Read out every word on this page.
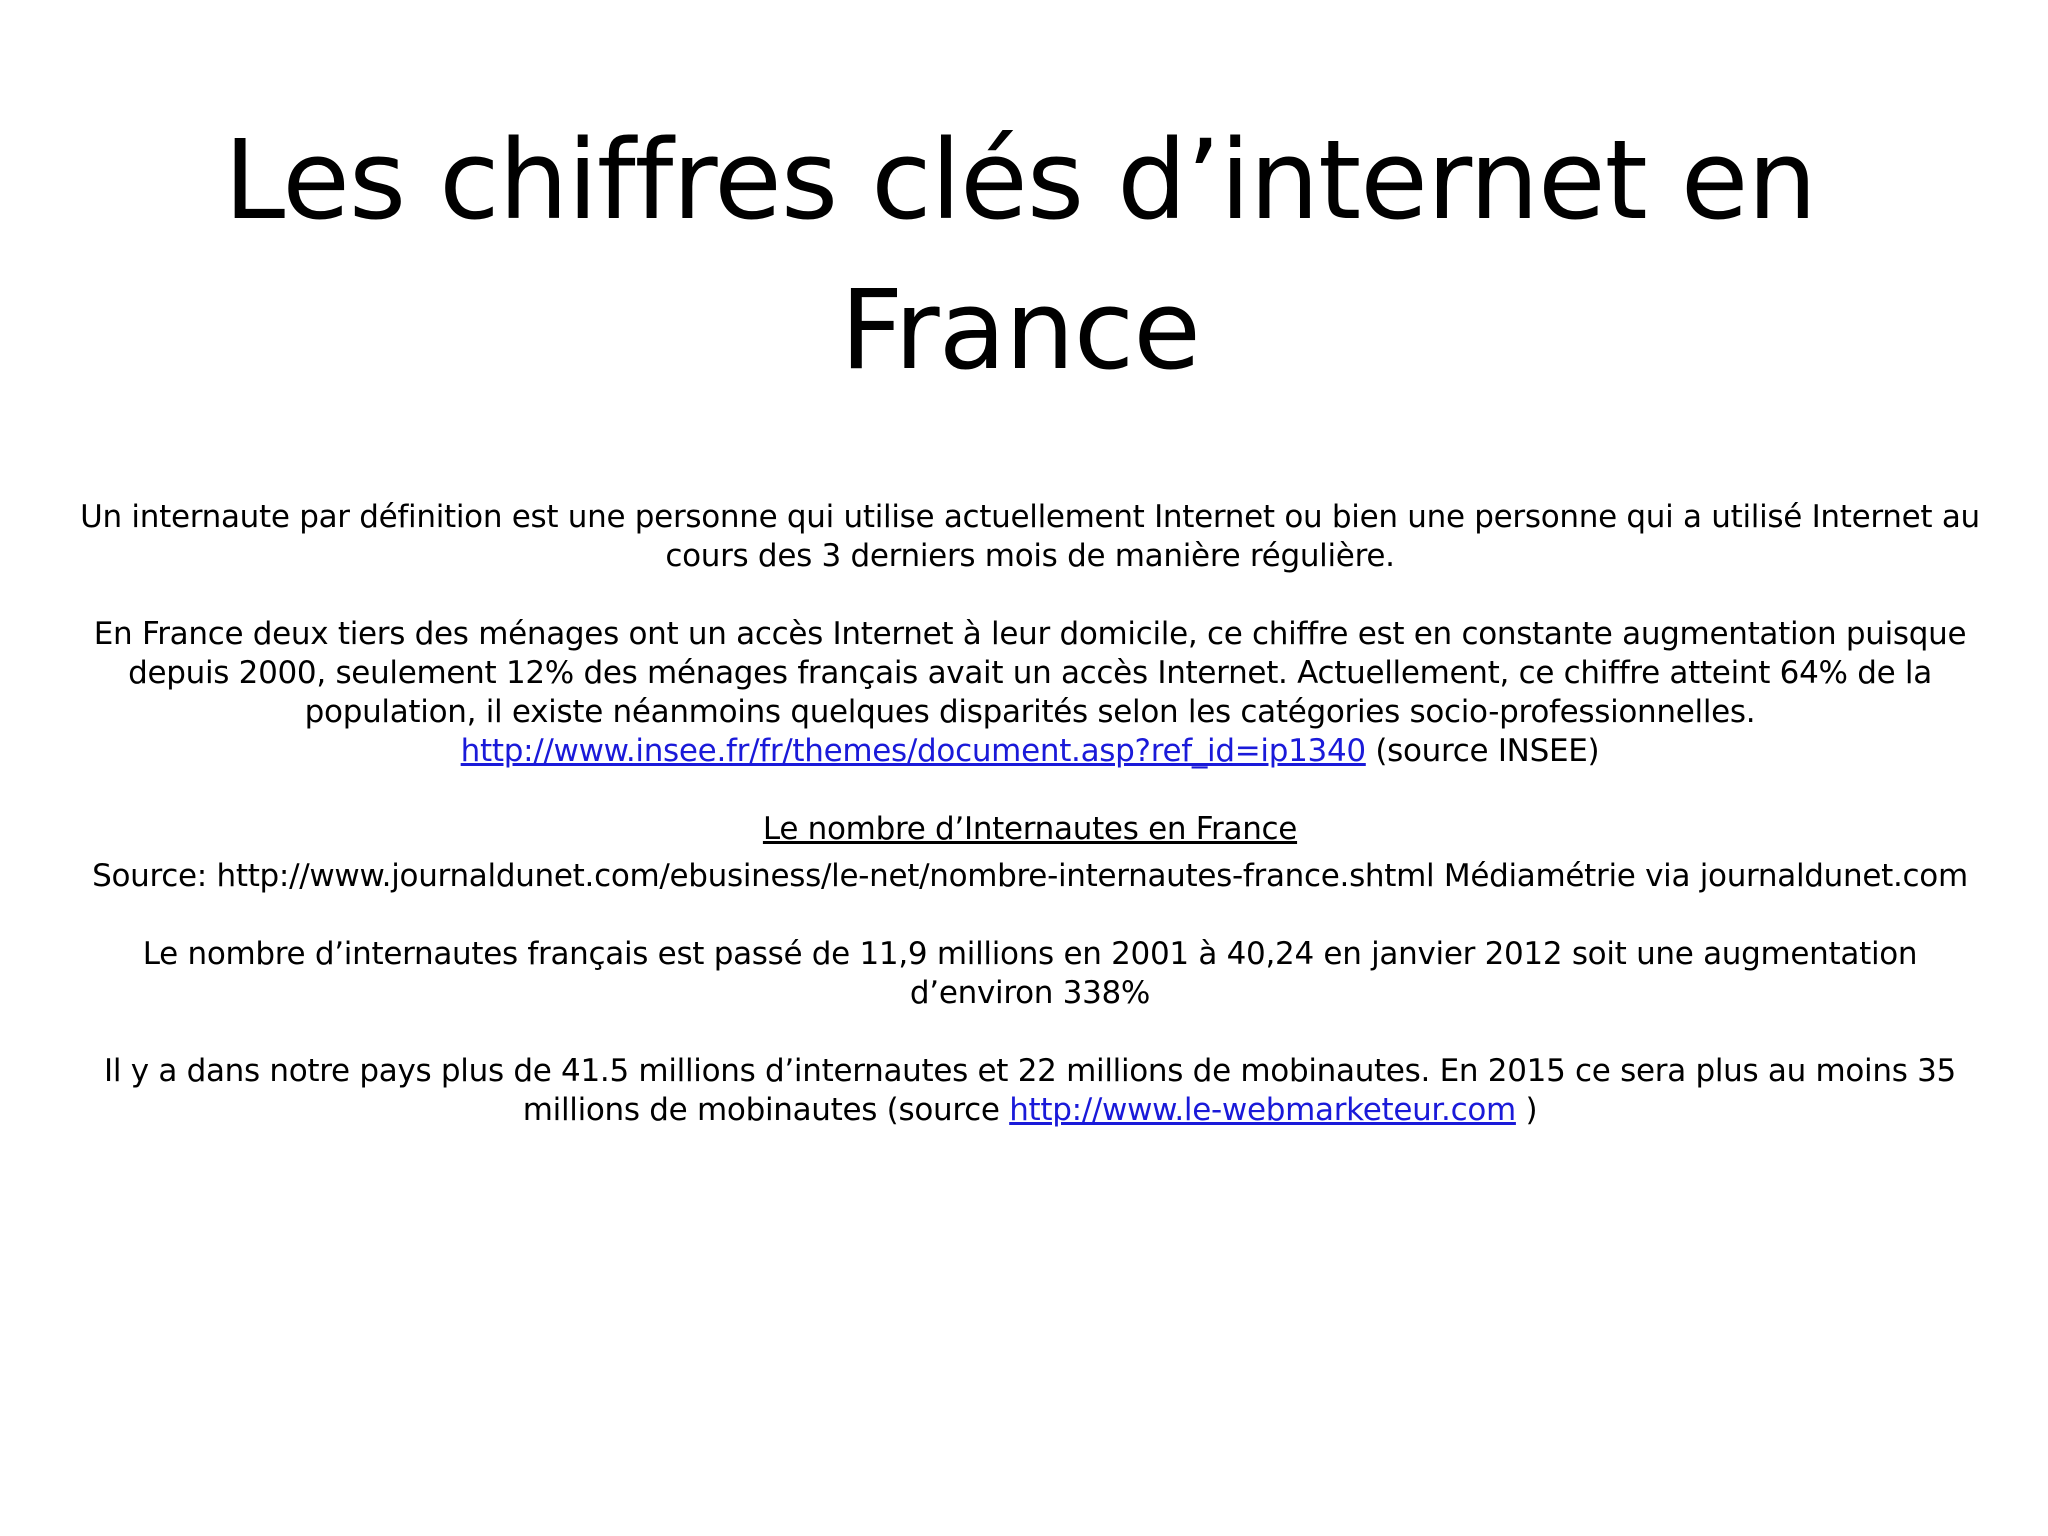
Les chiffres clés d’internet en France

Un internaute par définition est une personne qui utilise actuellement Internet ou bien une personne qui a utilisé Internet au cours des 3 derniers mois de manière régulière.

En France deux tiers des ménages ont un accès Internet à leur domicile, ce chiffre est en constante augmentation puisque depuis 2000, seulement 12% des ménages français avait un accès Internet. Actuellement, ce chiffre atteint 64% de la population, il existe néanmoins quelques disparités selon les catégories socio-professionnelles.
http://www.insee.fr/fr/themes/document.asp?ref_id=ip1340 (source INSEE)

Le nombre d’Internautes en France

Source: http://www.journaldunet.com/ebusiness/le-net/nombre-internautes-france.shtml Médiamétrie via journaldunet.com

Le nombre d’internautes français est passé de 11,9 millions en 2001 à 40,24 en janvier 2012 soit une augmentation d’environ 338%

Il y a dans notre pays plus de 41.5 millions d’internautes et 22 millions de mobinautes. En 2015 ce sera plus au moins 35 millions de mobinautes (source http://www.le-webmarketeur.com )
